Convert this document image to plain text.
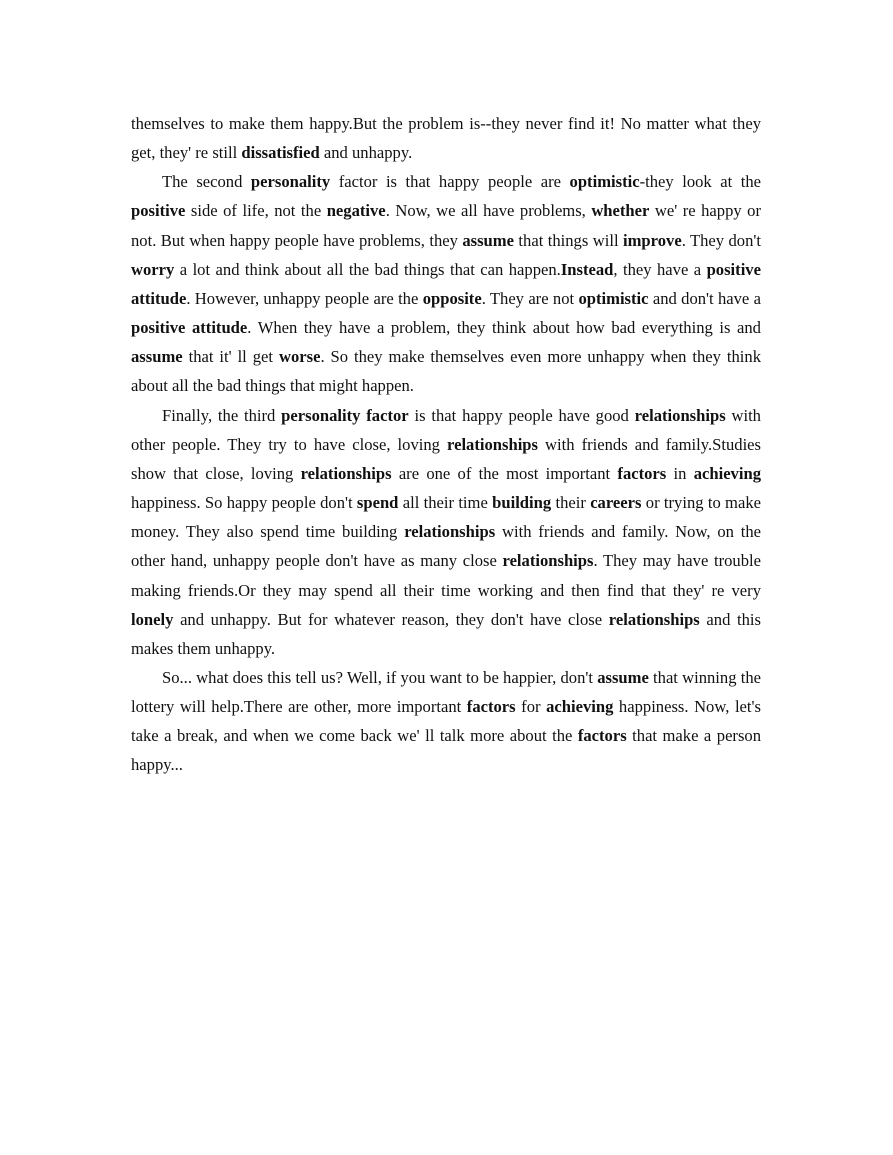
themselves to make them happy.But the problem is--they never find it! No matter what they get, they' re still dissatisfied and unhappy.

The second personality factor is that happy people are optimistic-they look at the positive side of life, not the negative. Now, we all have problems, whether we' re happy or not. But when happy people have problems, they assume that things will improve. They don't worry a lot and think about all the bad things that can happen.Instead, they have a positive attitude. However, unhappy people are the opposite. They are not optimistic and don't have a positive attitude. When they have a problem, they think about how bad everything is and assume that it' ll get worse. So they make themselves even more unhappy when they think about all the bad things that might happen.

Finally, the third personality factor is that happy people have good relationships with other people. They try to have close, loving relationships with friends and family.Studies show that close, loving relationships are one of the most important factors in achieving happiness. So happy people don't spend all their time building their careers or trying to make money. They also spend time building relationships with friends and family. Now, on the other hand, unhappy people don't have as many close relationships. They may have trouble making friends.Or they may spend all their time working and then find that they' re very lonely and unhappy. But for whatever reason, they don't have close relationships and this makes them unhappy.

So... what does this tell us? Well, if you want to be happier, don't assume that winning the lottery will help.There are other, more important factors for achieving happiness. Now, let's take a break, and when we come back we' ll talk more about the factors that make a person happy...
